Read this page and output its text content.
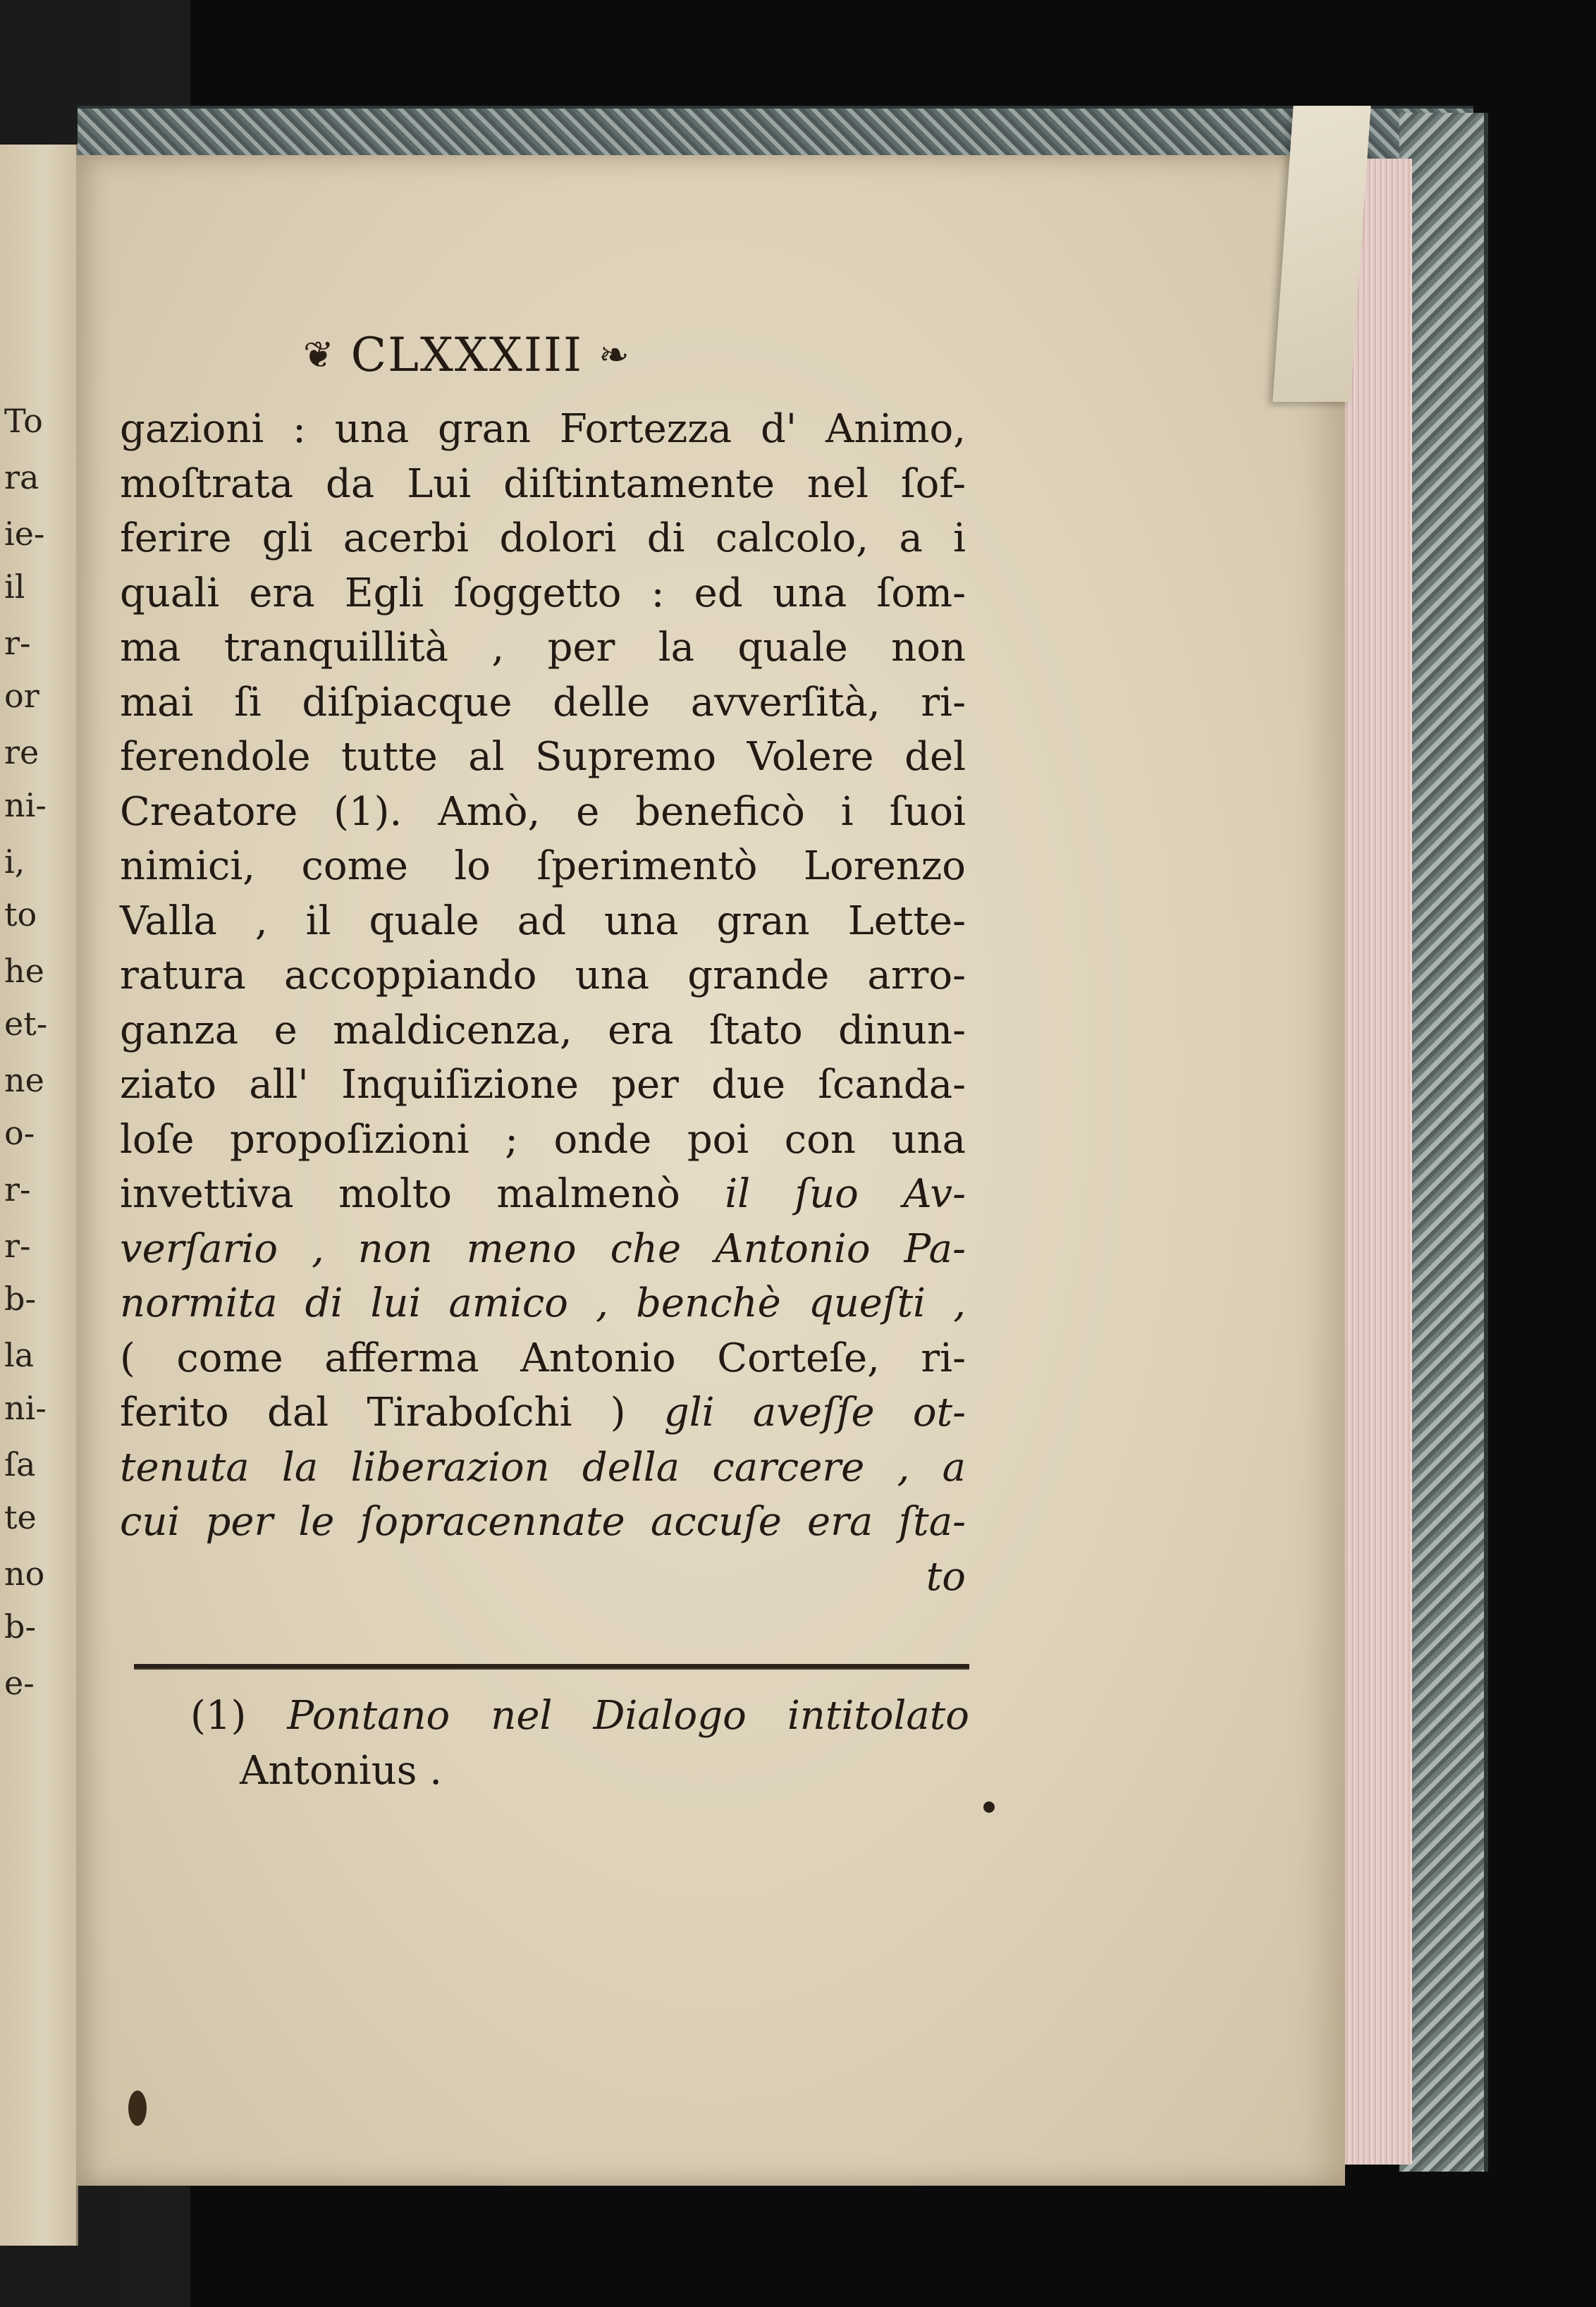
To
ra
ie-
il
r-
or
re
ni-
i,
to
he
et-
ne
o-
r-
r-
b-
la
ni-
ſa
te
no
b-
e-
❦ CLXXXIII ❧
gazioni : una gran Fortezza d' Animo,
moſtrata da Lui diſtintamente nel ſof-
ferire gli acerbi dolori di calcolo, a i
quali era Egli ſoggetto : ed una ſom-
ma tranquillità , per la quale non
mai ſi diſpiacque delle avverſità, ri-
ferendole tutte al Supremo Volere del
Creatore (1). Amò, e beneficò i ſuoi
nimici, come lo ſperimentò Lorenzo
Valla , il quale ad una gran Lette-
ratura accoppiando una grande arro-
ganza e maldicenza, era ſtato dinun-
ziato all' Inquiſizione per due ſcanda-
loſe propoſizioni ; onde poi con una
invettiva molto malmenò il ſuo Av-
verſario , non meno che Antonio Pa-
normita di lui amico , benchè queſti ,
( come afferma Antonio Corteſe, ri-
ferito dal Tiraboſchi ) gli aveſſe ot-
tenuta la liberazion della carcere , a
cui per le ſopracennate accuſe era ſta-
to
(1) Pontano nel Dialogo intitolato
Antonius .
